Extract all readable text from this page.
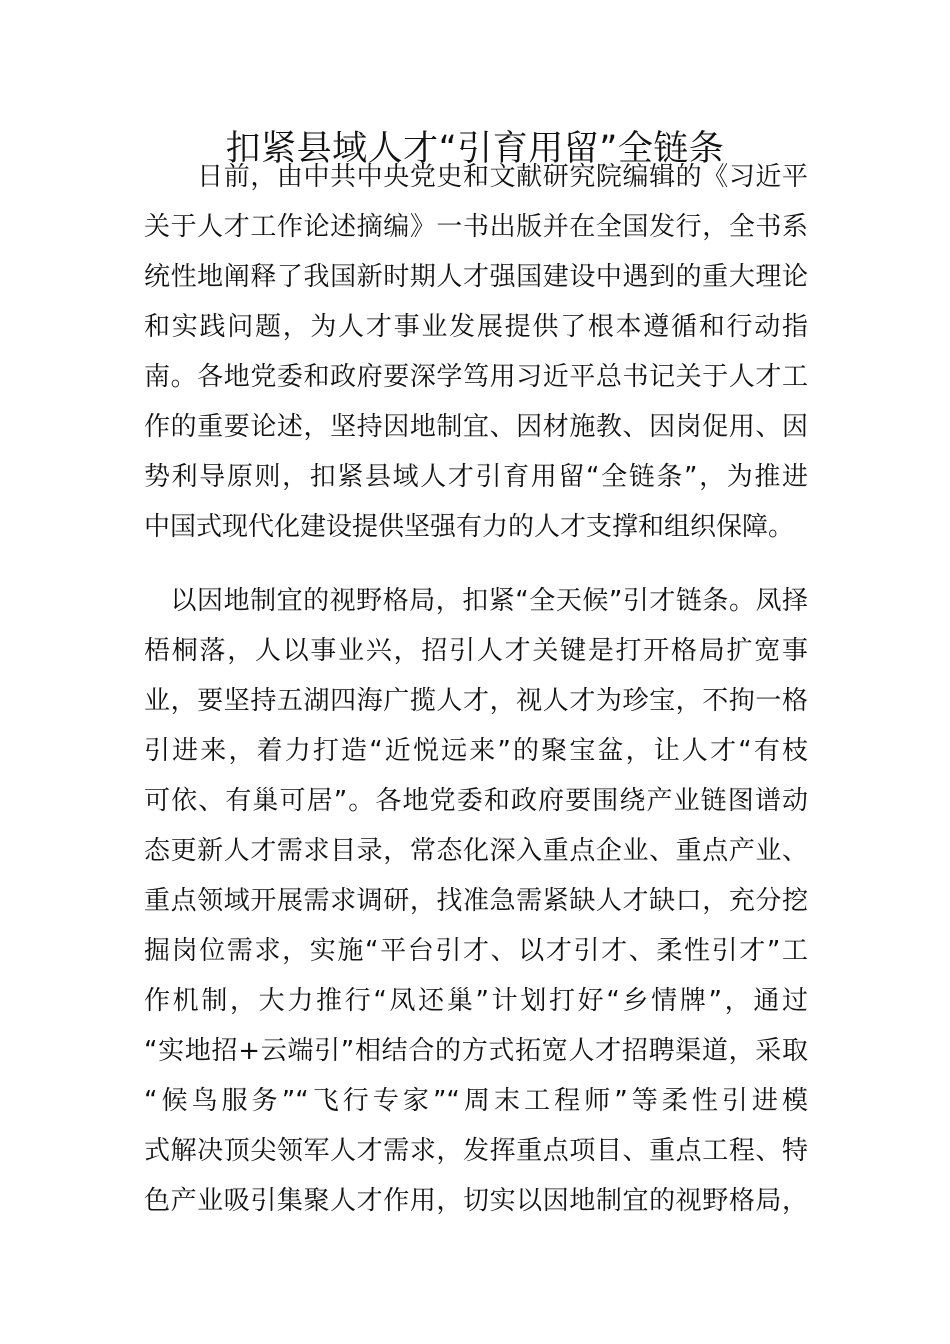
扣紧县域人才“引育用留”全链条
　　日前，由中共中央党史和文献研究院编辑的《习近平
关于人才工作论述摘编》一书出版并在全国发行，全书系
统性地阐释了我国新时期人才强国建设中遇到的重大理论
和实践问题，为人才事业发展提供了根本遵循和行动指
南。各地党委和政府要深学笃用习近平总书记关于人才工
作的重要论述，坚持因地制宜、因材施教、因岗促用、因
势利导原则，扣紧县域人才引育用留“全链条”，为推进
中国式现代化建设提供坚强有力的人才支撑和组织保障。
　以因地制宜的视野格局，扣紧“全天候”引才链条。凤择
梧桐落，人以事业兴，招引人才关键是打开格局扩宽事
业，要坚持五湖四海广揽人才，视人才为珍宝，不拘一格
引进来，着力打造“近悦远来”的聚宝盆，让人才“有枝
可依、有巢可居”。各地党委和政府要围绕产业链图谱动
态更新人才需求目录，常态化深入重点企业、重点产业、
重点领域开展需求调研，找准急需紧缺人才缺口，充分挖
掘岗位需求，实施“平台引才、以才引才、柔性引才”工
作机制，大力推行“凤还巢”计划打好“乡情牌”，通过
“实地招+云端引”相结合的方式拓宽人才招聘渠道，采取
“候鸟服务”“飞行专家”“周末工程师”等柔性引进模
式解决顶尖领军人才需求，发挥重点项目、重点工程、特
色产业吸引集聚人才作用，切实以因地制宜的视野格局，
